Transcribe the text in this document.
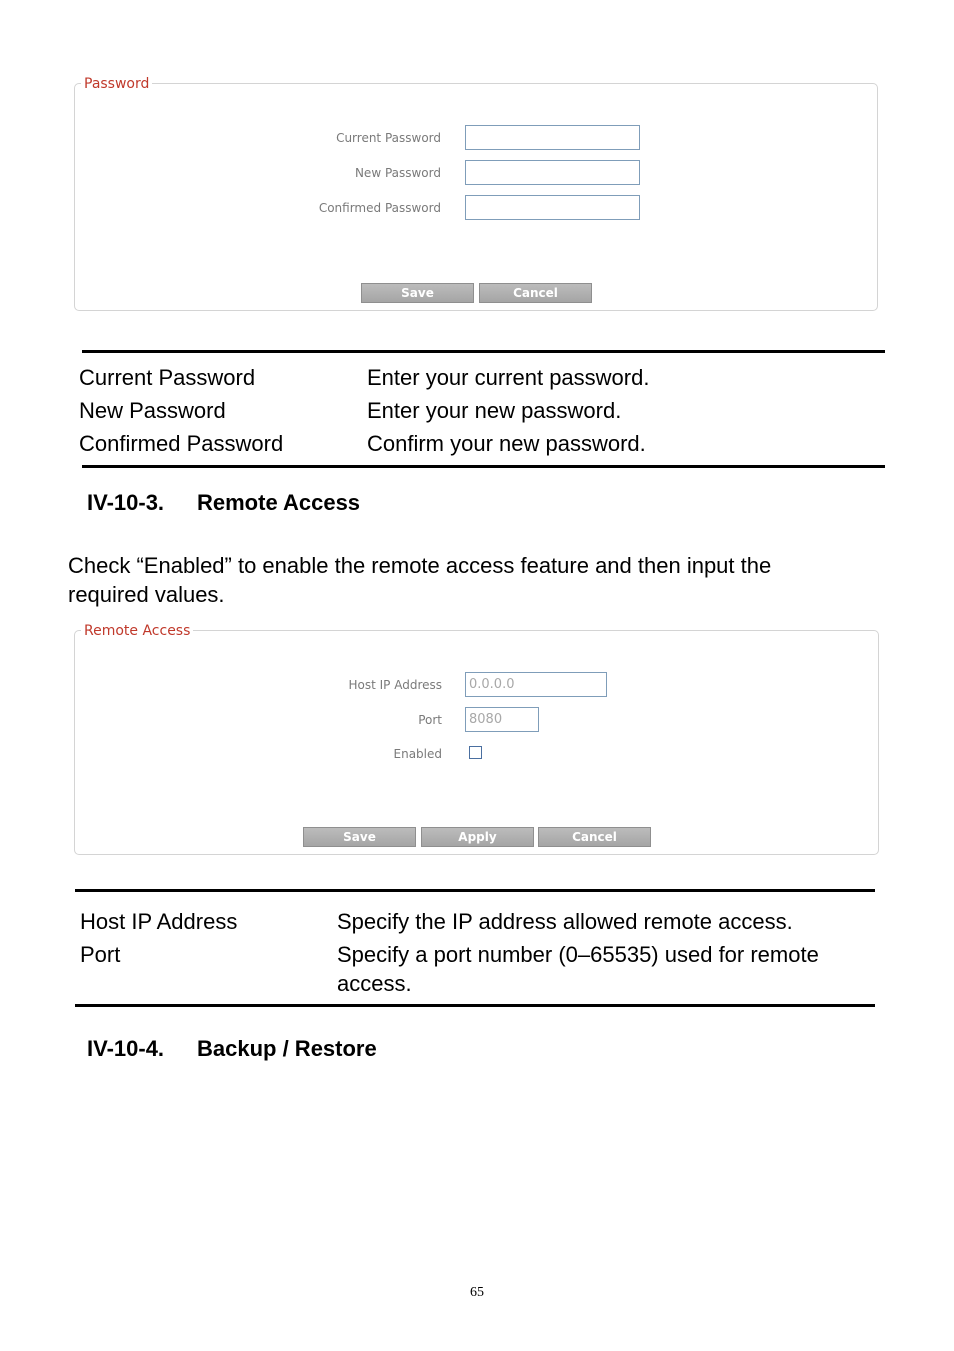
Password
Current Password
New Password
Confirmed Password
Save	Cancel
Current Password	Enter your current password.
New Password	Enter your new password.
Confirmed Password	Confirm your new password.
IV-10-3. Remote Access
Check “Enabled” to enable the remote access feature and then input the
required values.
Remote Access
Host IP Address
0.0.0.0
Port
8080
Enabled
Save	Apply	Cancel
Host IP Address	Specify the IP address allowed remote access.
Port	Specify a port number (0–65535) used for remote
access.
IV-10-4. Backup / Restore
65
